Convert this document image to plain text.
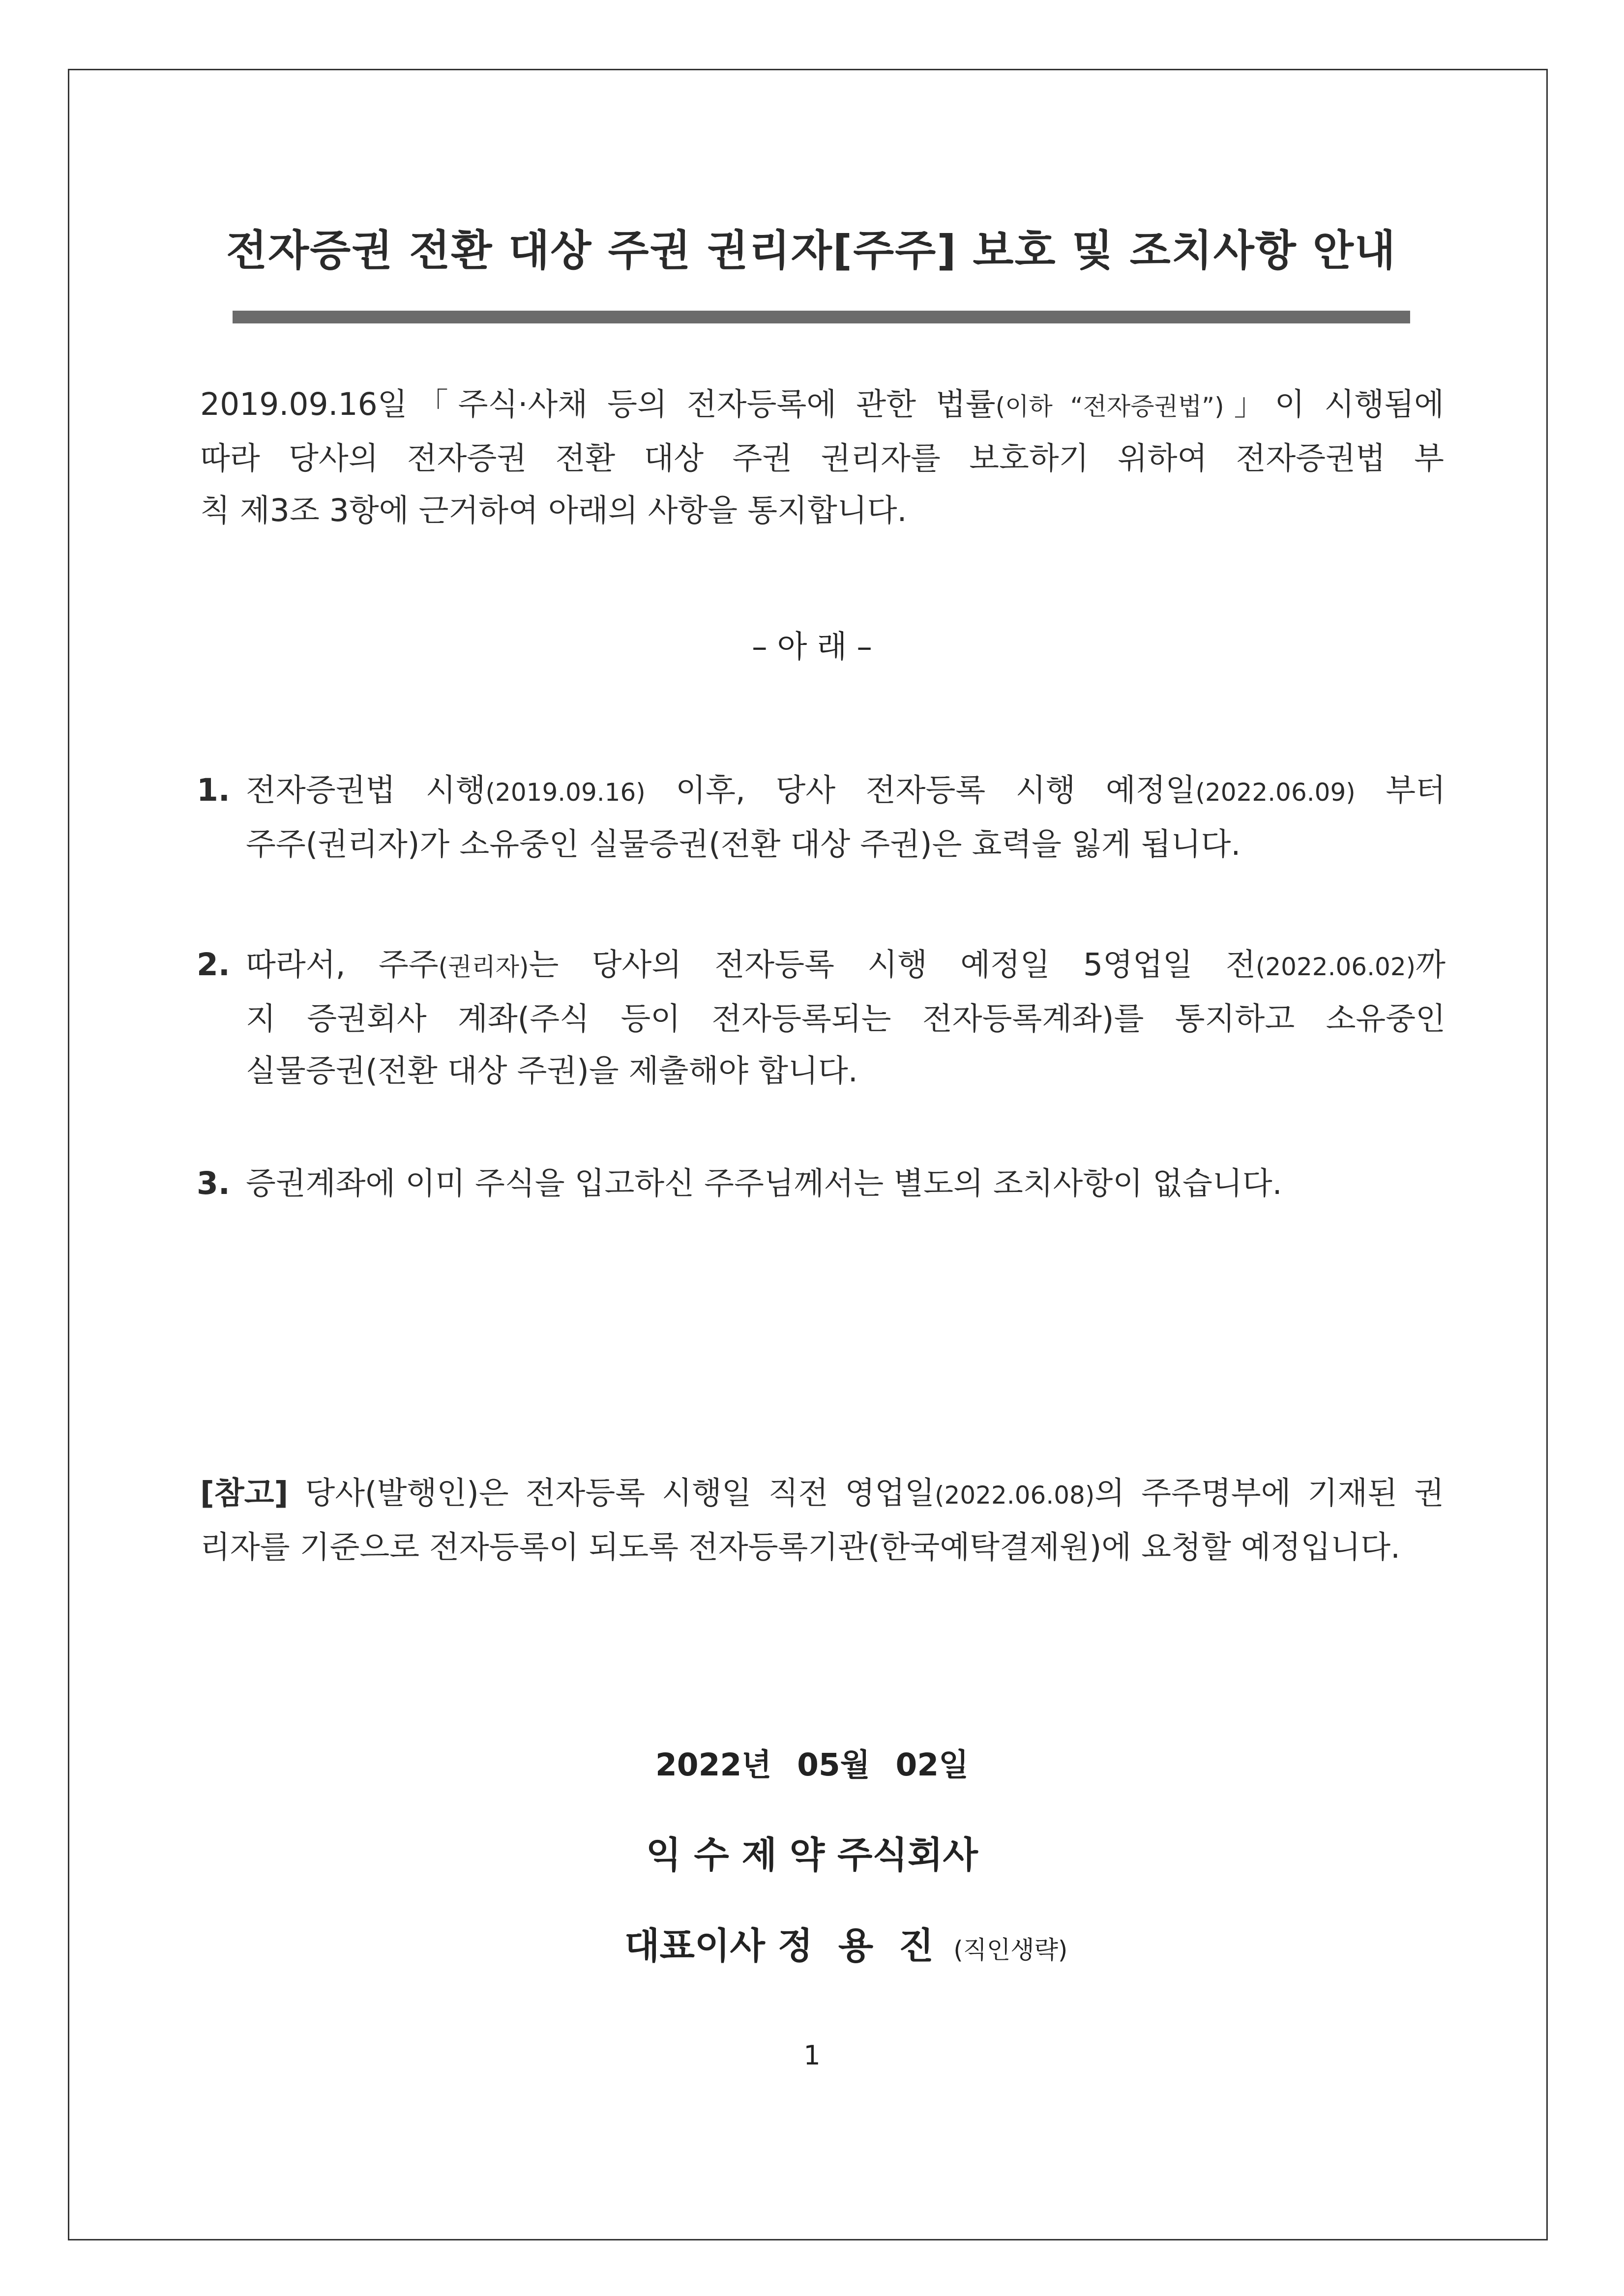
전자증권 전환 대상 주권 권리자[주주] 보호 및 조치사항 안내
2019.09.16일「주식·사채 등의 전자등록에 관한 법률(이하 “전자증권법”)」이 시행됨에
따라 당사의 전자증권 전환 대상 주권 권리자를 보호하기 위하여 전자증권법 부
칙 제3조 3항에 근거하여 아래의 사항을 통지합니다.
– 아 래 –
1. 전자증권법 시행(2019.09.16) 이후, 당사 전자등록 시행 예정일(2022.06.09) 부터
주주(권리자)가 소유중인 실물증권(전환 대상 주권)은 효력을 잃게 됩니다.
2. 따라서, 주주(권리자)는 당사의 전자등록 시행 예정일 5영업일 전(2022.06.02)까
지 증권회사 계좌(주식 등이 전자등록되는 전자등록계좌)를 통지하고 소유중인
실물증권(전환 대상 주권)을 제출해야 합니다.
3. 증권계좌에 이미 주식을 입고하신 주주님께서는 별도의 조치사항이 없습니다.
[참고] 당사(발행인)은 전자등록 시행일 직전 영업일(2022.06.08)의 주주명부에 기재된 권
리자를 기준으로 전자등록이 되도록 전자등록기관(한국예탁결제원)에 요청할 예정입니다.
2022년 05월 02일
익 수 제 약 주식회사
대표이사 정  용  진 (직인생략)
1
